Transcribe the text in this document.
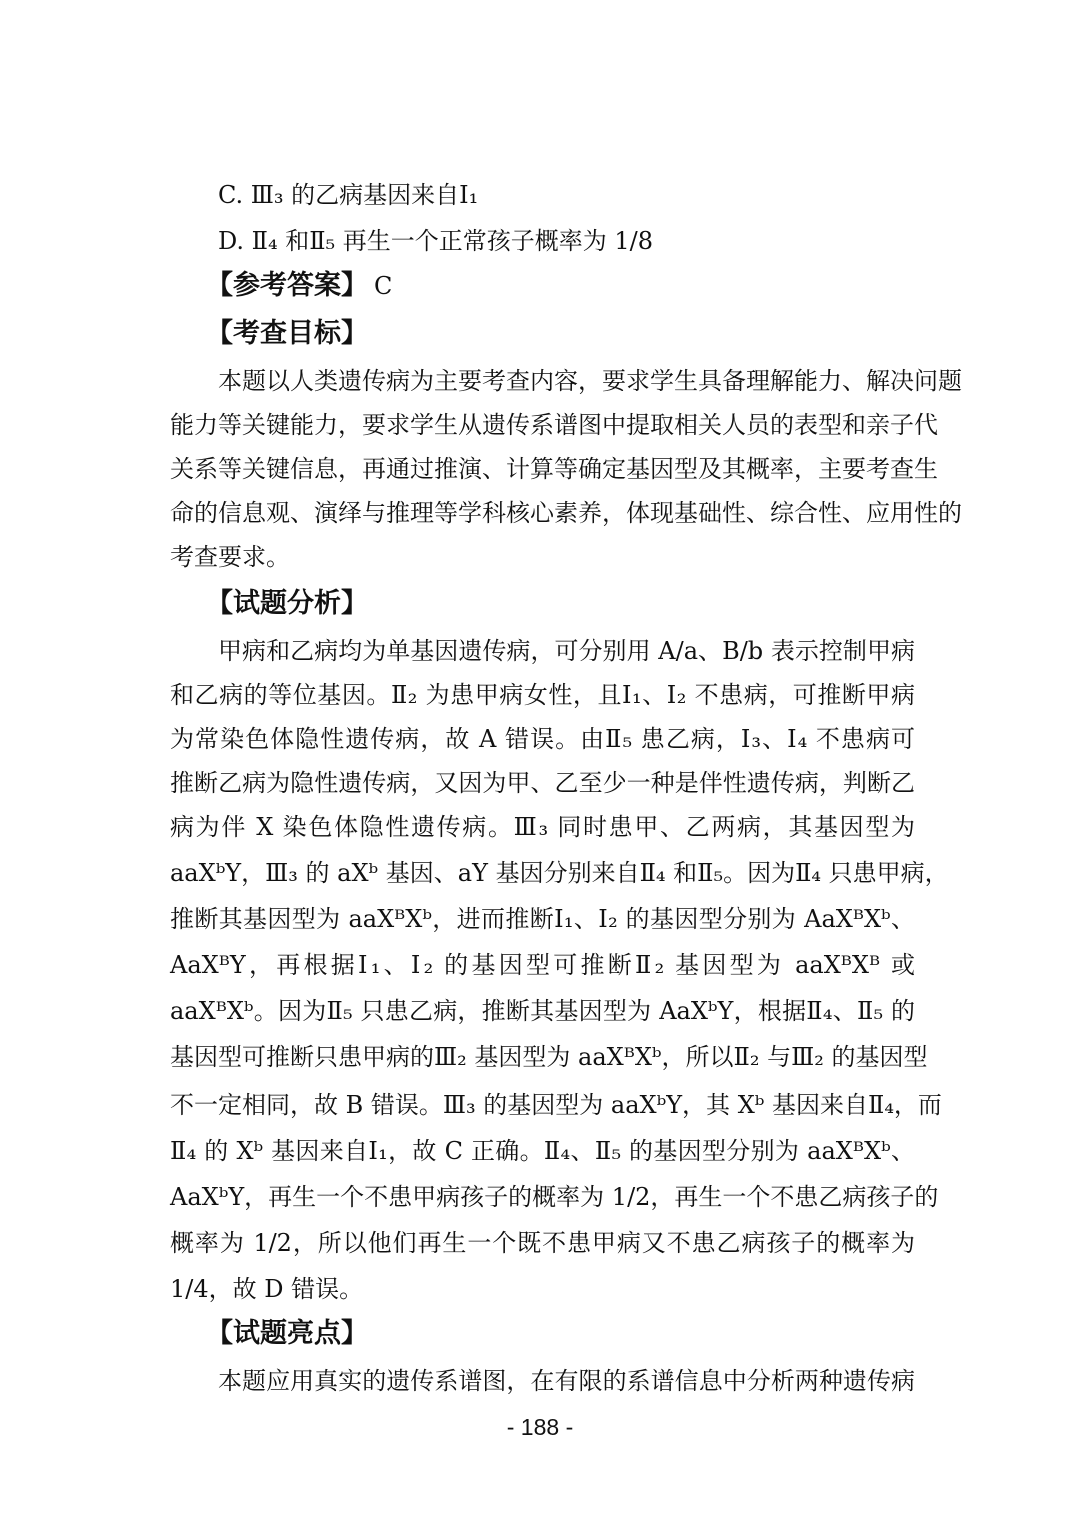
C. Ⅲ₃ 的乙病基因来自Ⅰ₁
D. Ⅱ₄ 和Ⅱ₅ 再生一个正常孩子概率为 1/8
【参考答案】 C
【考查目标】
本题以人类遗传病为主要考查内容，要求学生具备理解能力、解决问题
能力等关键能力，要求学生从遗传系谱图中提取相关人员的表型和亲子代
关系等关键信息，再通过推演、计算等确定基因型及其概率，主要考查生
命的信息观、演绎与推理等学科核心素养，体现基础性、综合性、应用性的
考查要求。
【试题分析】
甲病和乙病均为单基因遗传病，可分别用 A/a、B/b 表示控制甲病
和乙病的等位基因。Ⅱ₂ 为患甲病女性，且Ⅰ₁、Ⅰ₂ 不患病，可推断甲病
为常染色体隐性遗传病，故 A 错误。由Ⅱ₅ 患乙病，Ⅰ₃、Ⅰ₄ 不患病可
推断乙病为隐性遗传病，又因为甲、乙至少一种是伴性遗传病，判断乙
病为伴 X 染色体隐性遗传病。Ⅲ₃ 同时患甲、乙两病，其基因型为
aaXᵇY，Ⅲ₃ 的 aXᵇ 基因、aY 基因分别来自Ⅱ₄ 和Ⅱ₅。因为Ⅱ₄ 只患甲病，
推断其基因型为 aaXᴮXᵇ，进而推断Ⅰ₁、Ⅰ₂ 的基因型分别为 AaXᴮXᵇ、
AaXᴮY，再根据Ⅰ₁、Ⅰ₂ 的基因型可推断Ⅱ₂ 基因型为 aaXᴮXᴮ 或
aaXᴮXᵇ。因为Ⅱ₅ 只患乙病，推断其基因型为 AaXᵇY，根据Ⅱ₄、Ⅱ₅ 的
基因型可推断只患甲病的Ⅲ₂ 基因型为 aaXᴮXᵇ，所以Ⅱ₂ 与Ⅲ₂ 的基因型
不一定相同，故 B 错误。Ⅲ₃ 的基因型为 aaXᵇY，其 Xᵇ 基因来自Ⅱ₄，而
Ⅱ₄ 的 Xᵇ 基因来自Ⅰ₁，故 C 正确。Ⅱ₄、Ⅱ₅ 的基因型分别为 aaXᴮXᵇ、
AaXᵇY，再生一个不患甲病孩子的概率为 1/2，再生一个不患乙病孩子的
概率为 1/2，所以他们再生一个既不患甲病又不患乙病孩子的概率为
1/4，故 D 错误。
【试题亮点】
本题应用真实的遗传系谱图，在有限的系谱信息中分析两种遗传病
- 188 -
